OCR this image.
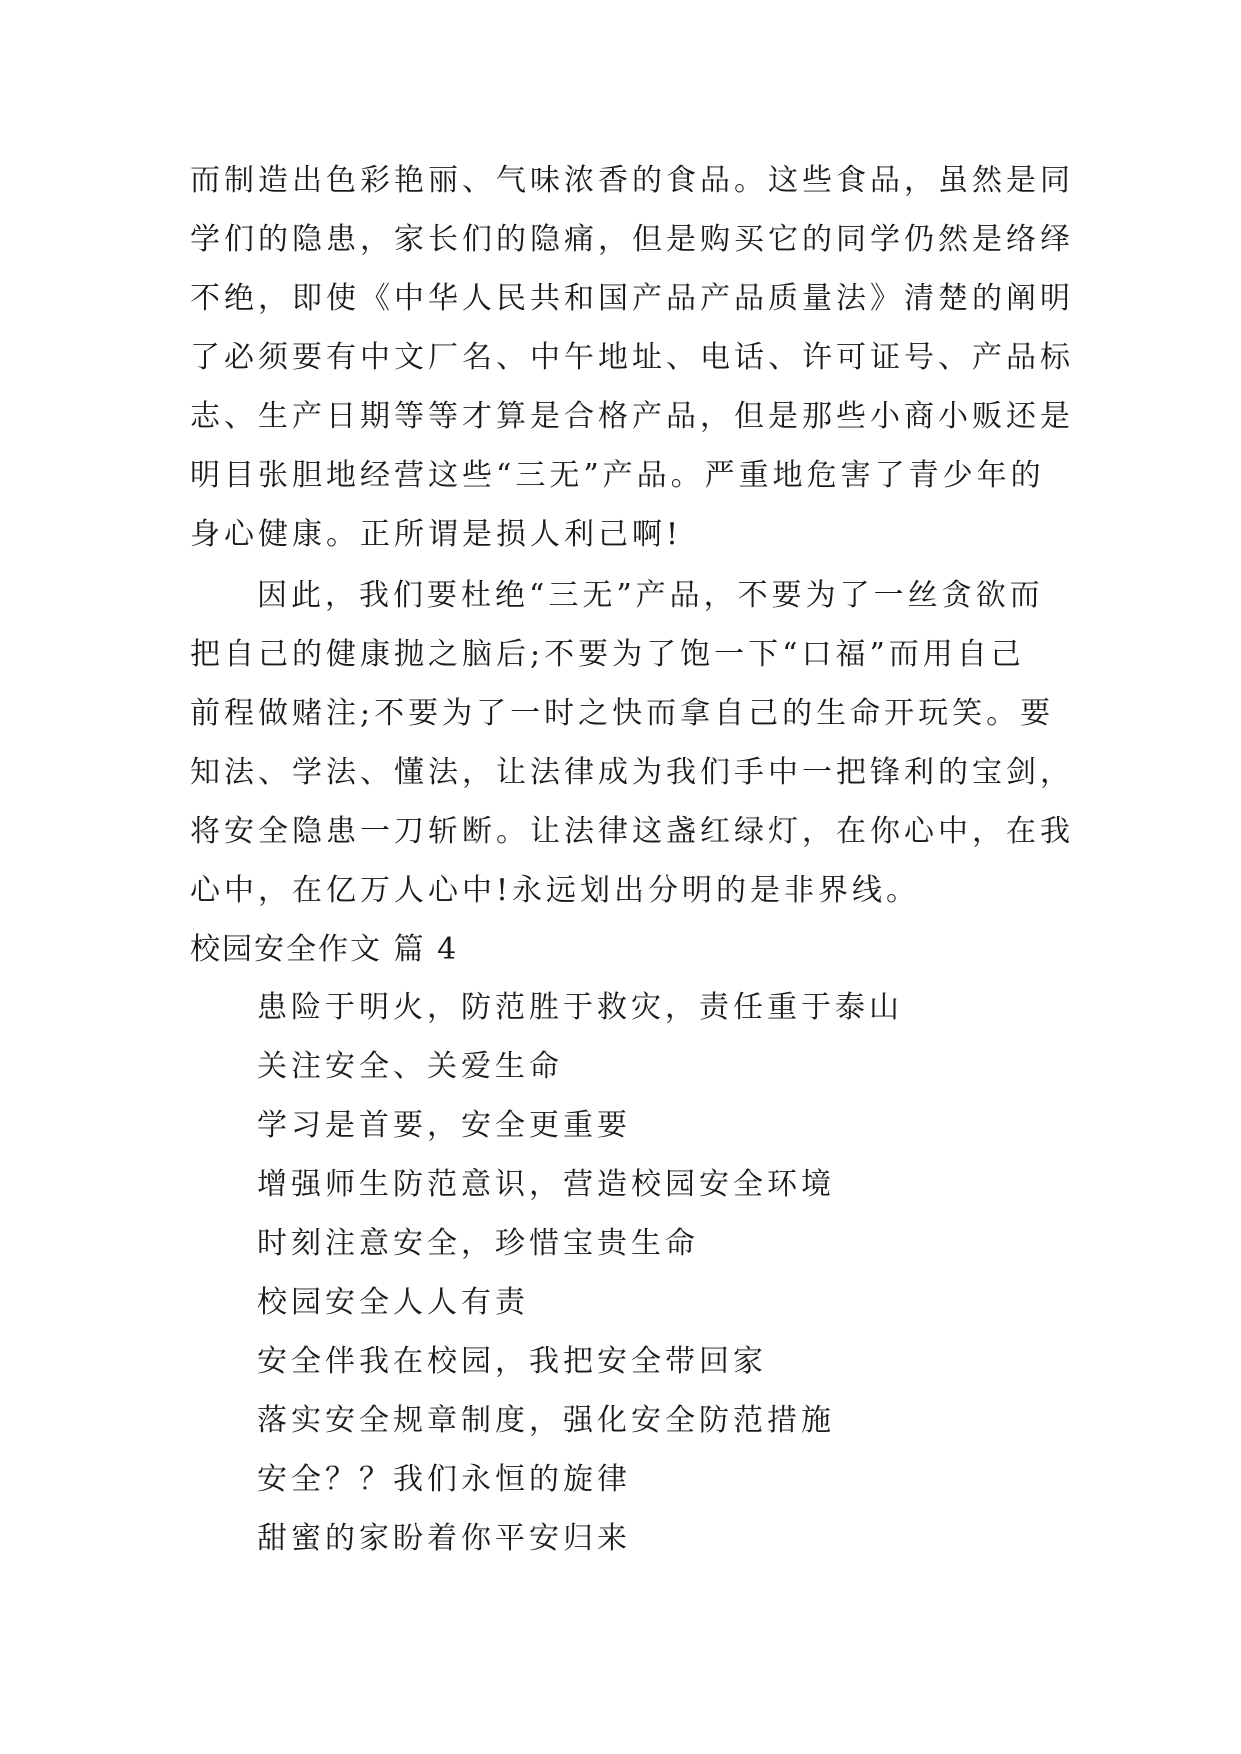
而制造出色彩艳丽、气味浓香的食品。这些食品，虽然是同
学们的隐患，家长们的隐痛，但是购买它的同学仍然是络绎
不绝，即使《中华人民共和国产品产品质量法》清楚的阐明
了必须要有中文厂名、中午地址、电话、许可证号、产品标
志、生产日期等等才算是合格产品，但是那些小商小贩还是
明目张胆地经营这些“三无”产品。严重地危害了青少年的
身心健康。正所谓是损人利己啊!
因此，我们要杜绝“三无”产品，不要为了一丝贪欲而
把自己的健康抛之脑后;不要为了饱一下“口福”而用自己
前程做赌注;不要为了一时之快而拿自己的生命开玩笑。要
知法、学法、懂法，让法律成为我们手中一把锋利的宝剑，
将安全隐患一刀斩断。让法律这盏红绿灯，在你心中，在我
心中，在亿万人心中!永远划出分明的是非界线。
校园安全作文 篇 4
患险于明火，防范胜于救灾，责任重于泰山
关注安全、关爱生命
学习是首要，安全更重要
增强师生防范意识，营造校园安全环境
时刻注意安全，珍惜宝贵生命
校园安全人人有责
安全伴我在校园，我把安全带回家
落实安全规章制度，强化安全防范措施
安全？？我们永恒的旋律
甜蜜的家盼着你平安归来
